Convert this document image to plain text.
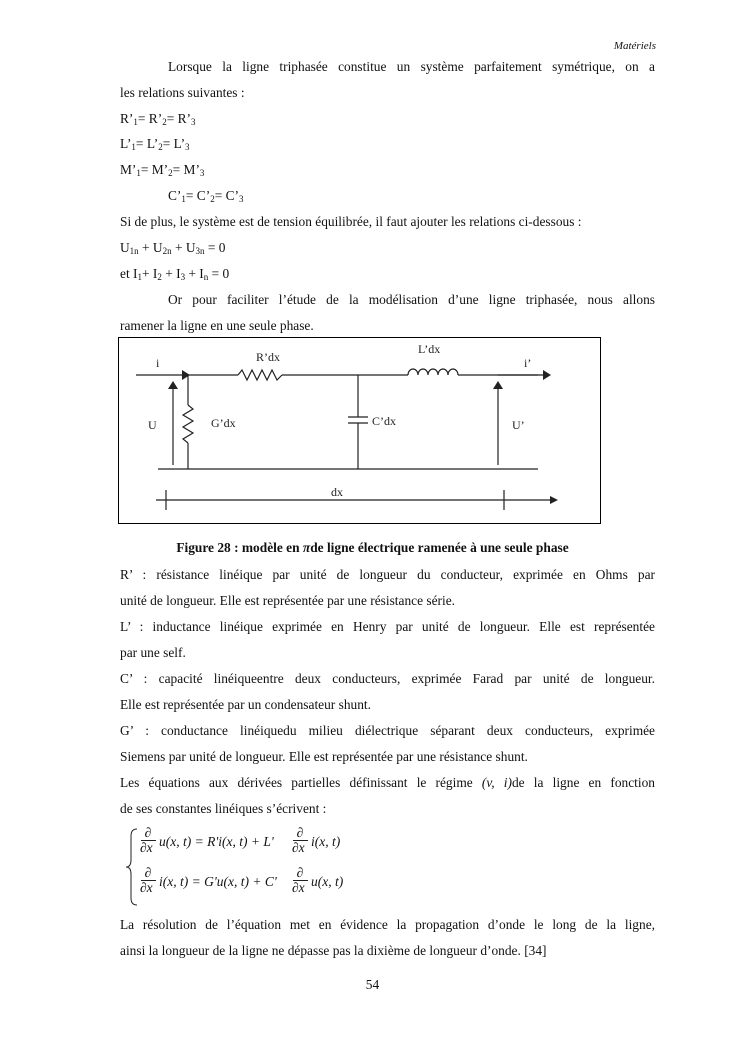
Matériels
Lorsque la ligne triphasée constitue un système parfaitement symétrique, on a
les relations suivantes :
$R’_1=$ $R’_2=$ $R’_3$
$L’_1=$ $L’_2=$ $L’_3$
$M’_1=$ $M’_2=$ $M’_3$
$C’_1=$ $C’_2=$ $C’_3$
Si de plus, le système est de tension équilibrée, il faut ajouter les relations ci-dessous :
$U_{1n} + U_{2n} + U_{3n} = 0$
et $I_1+ I_2 + I_3 + I_n = 0$
Or pour faciliter l’étude de la modélisation d’une ligne triphasée, nous allons
ramener la ligne en une seule phase.
i	R’dx
L’dx
i’
U	G’dx	C’dx	U’
dx
Figure 28 : modèle en πde ligne électrique ramenée à une seule phase
R’ : résistance linéique par unité de longueur du conducteur, exprimée en Ohms par
unité de longueur. Elle est représentée par une résistance série.
L’ : inductance linéique exprimée en Henry par unité de longueur. Elle est représentée
par une self.
C’ : capacité linéiqueentre deux conducteurs, exprimée Farad par unité de longueur.
Elle est représentée par un condensateur shunt.
G’ : conductance linéiquedu milieu diélectrique séparant deux conducteurs, exprimée
Siemens par unité de longueur. Elle est représentée par une résistance shunt.
Les équations aux dérivées partielles définissant le régime (v, i)de la ligne en fonction
de ses constantes linéiques s’écrivent :
∂
∂x u(x, t) = R'i(x, t) + L'
∂
∂x i(x, t)
∂
∂x i(x, t) = G'u(x, t) + C'
∂
∂x u(x, t)
La résolution de l’équation met en évidence la propagation d’onde le long de la ligne,
ainsi la longueur de la ligne ne dépasse pas la dixième de longueur d’onde. [34]
54
